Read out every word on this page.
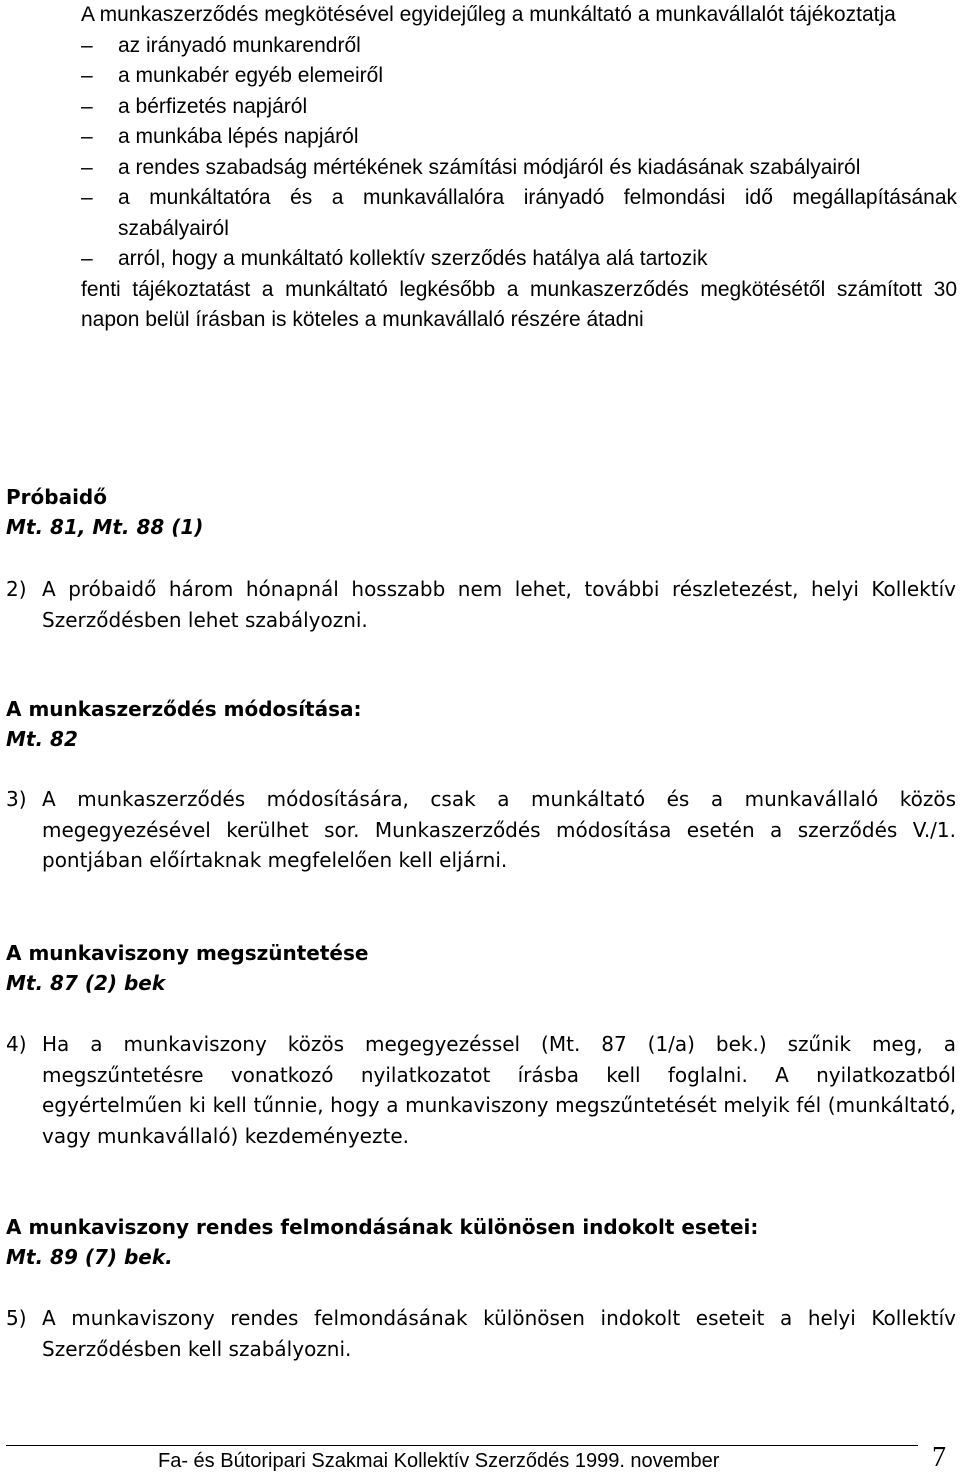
A munkaszerződés megkötésével egyidejűleg a munkáltató a munkavállalót tájékoztatja

–	az irányadó munkarendről
–	a munkabér egyéb elemeiről
–	a bérfizetés napjáról
–	a munkába lépés napjáról
–	a rendes szabadság mértékének számítási módjáról és kiadásának szabályairól
–	a munkáltatóra és a munkavállalóra irányadó felmondási idő megállapításának szabályairól
–	arról, hogy a munkáltató kollektív szerződés hatálya alá tartozik

fenti tájékoztatást a munkáltató legkésőbb a munkaszerződés megkötésétől számított 30 napon belül írásban is köteles a munkavállaló részére átadni

Próbaidő

Mt. 81, Mt. 88 (1)

2) A próbaidő három hónapnál hosszabb nem lehet, további részletezést, helyi Kollektív Szerződésben lehet szabályozni.

A munkaszerződés módosítása:

Mt. 82

3) A munkaszerződés módosítására, csak a munkáltató és a munkavállaló közös megegyezésével kerülhet sor. Munkaszerződés módosítása esetén a szerződés V./1. pontjában előírtaknak megfelelően kell eljárni.

A munkaviszony megszüntetése

Mt. 87 (2) bek

4) Ha a munkaviszony közös megegyezéssel (Mt. 87 (1/a) bek.) szűnik meg, a megszűntetésre vonatkozó nyilatkozatot írásba kell foglalni. A nyilatkozatból egyértelműen ki kell tűnnie, hogy a munkaviszony megszűntetését melyik fél (munkáltató, vagy munkavállaló) kezdeményezte.

A munkaviszony rendes felmondásának különösen indokolt esetei:

Mt. 89 (7) bek.

5) A munkaviszony rendes felmondásának különösen indokolt eseteit a helyi Kollektív Szerződésben kell szabályozni.

Fa- és Bútoripari Szakmai Kollektív Szerződés 1999. november	7
